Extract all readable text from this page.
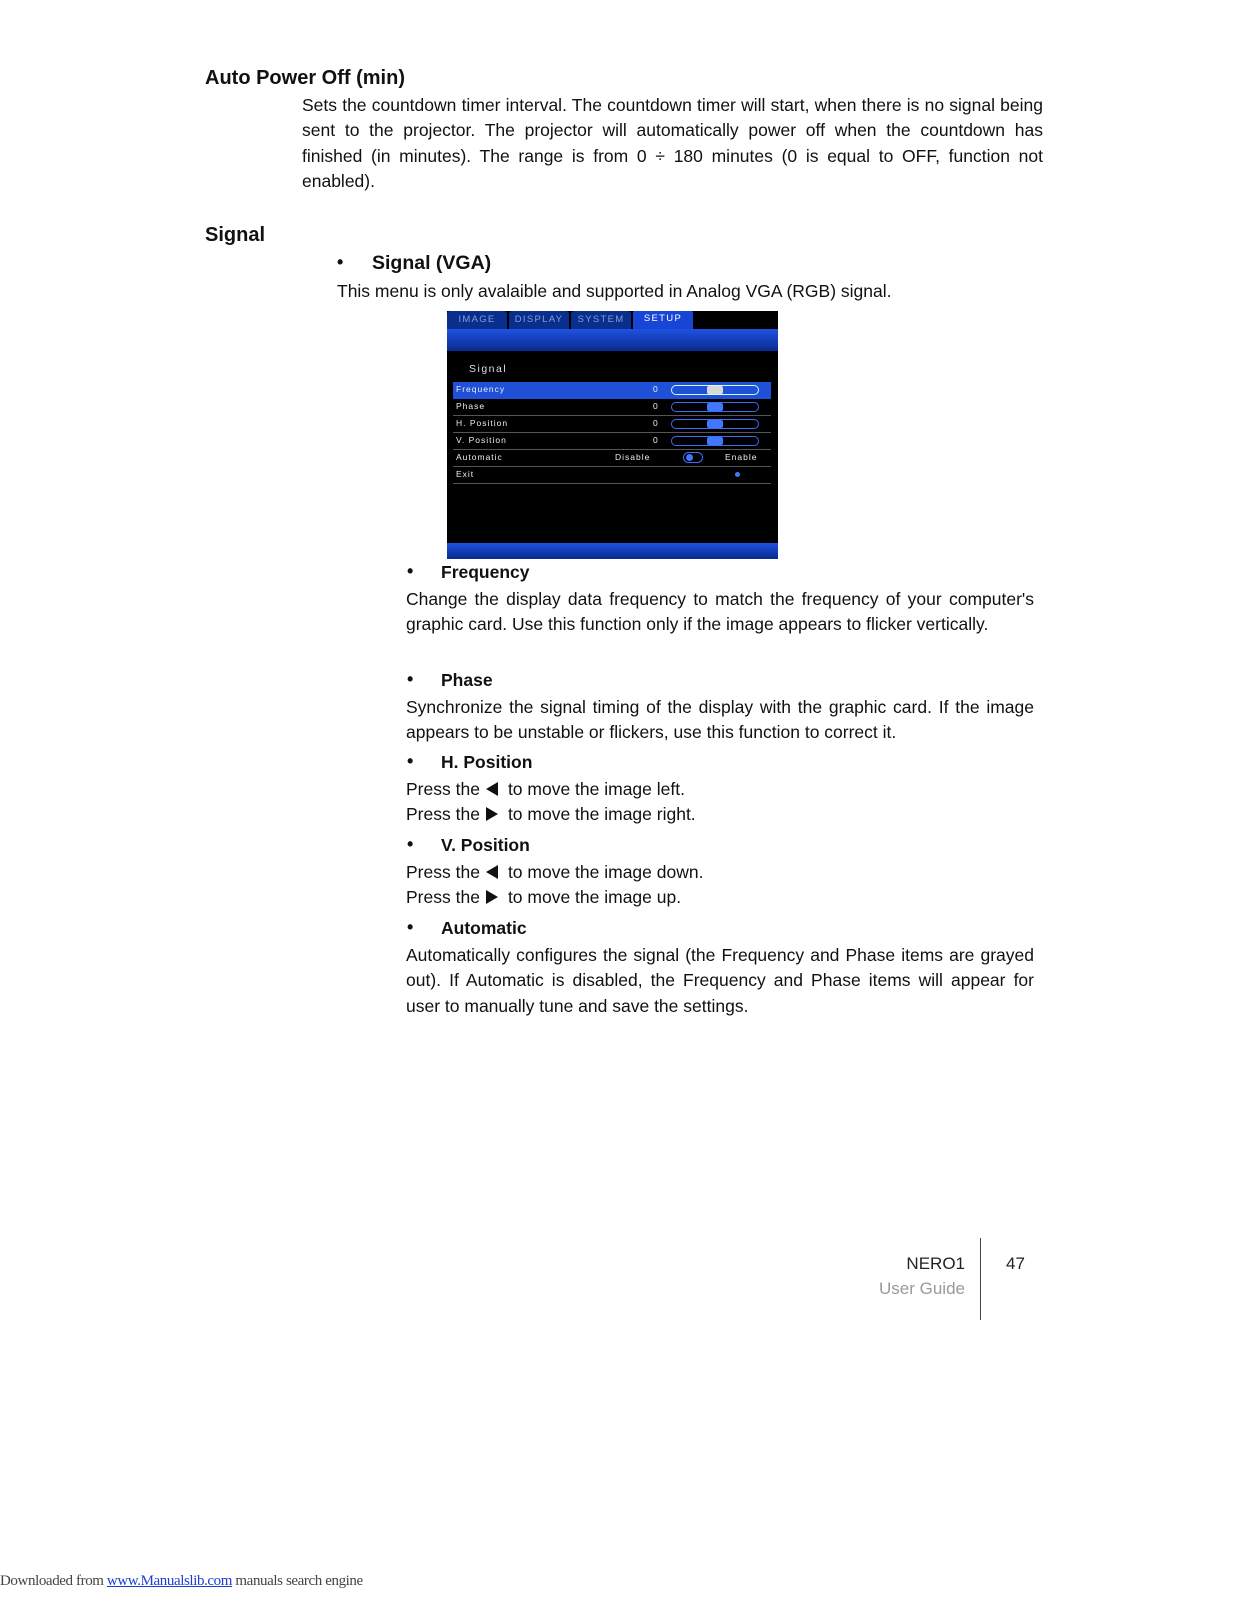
Auto Power Off (min)
Sets the countdown timer interval. The countdown timer will start, when there is no signal being sent to the projector. The projector will automatically power off when the countdown has finished (in minutes). The range is from 0 ÷ 180 minutes (0 is equal to OFF, function not enabled).
Signal
• Signal (VGA)
This menu is only avalaible and supported in Analog VGA (RGB) signal.
IMAGE	DISPLAY	SYSTEM	SETUP
Signal
Frequency	0
Phase	0
H. Position	0
V. Position	0
Automatic	Disable	Enable
Exit
• Frequency
Change the display data frequency to match the frequency of your computer's graphic card. Use this function only if the image appears to flicker vertically.
• Phase
Synchronize the signal timing of the display with the graphic card. If the image appears to be unstable or flickers, use this function to correct it.
• H. Position
Press the to move the image left.
Press the to move the image right.
• V. Position
Press the to move the image down.
Press the to move the image up.
• Automatic
Automatically configures the signal (the Frequency and Phase items are grayed out). If Automatic is disabled, the Frequency and Phase items will appear for user to manually tune and save the settings.
NERO1
User Guide
47
Downloaded from www.Manualslib.com manuals search engine
